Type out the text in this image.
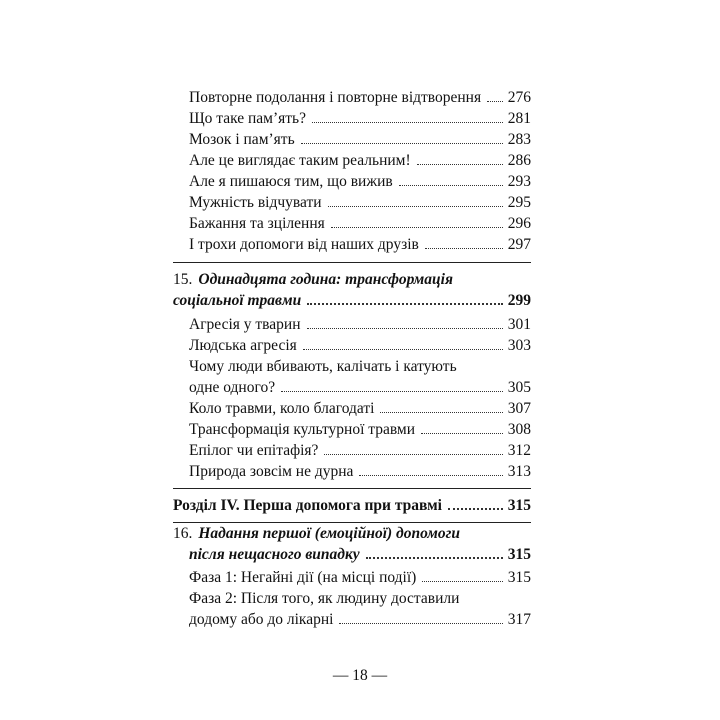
Повторне подолання і повторне відтворення 276
Що таке пам’ять?	281
Мозок і пам’ять	283
Але це виглядає таким реальним!	286
Але я пишаюся тим, що вижив	293
Мужність відчувати	295
Бажання та зцілення	296
І трохи допомоги від наших друзів	297
15. Одинадцята година: трансформація
соціальної травми	299
Агресія у тварин	301
Людська агресія	303
Чому люди вбивають, калічать і катують
одне одного?	305
Коло травми, коло благодаті	307
Трансформація культурної травми	308
Епілог чи епітафія?	312
Природа зовсім не дурна	313
Розділ IV. Перша допомога при травмі	315
16. Надання першої (емоційної) допомоги
після нещасного випадку	315
Фаза 1: Негайні дії (на місці події)	315
Фаза 2: Після того, як людину доставили
додому або до лікарні	317
— 18 —
